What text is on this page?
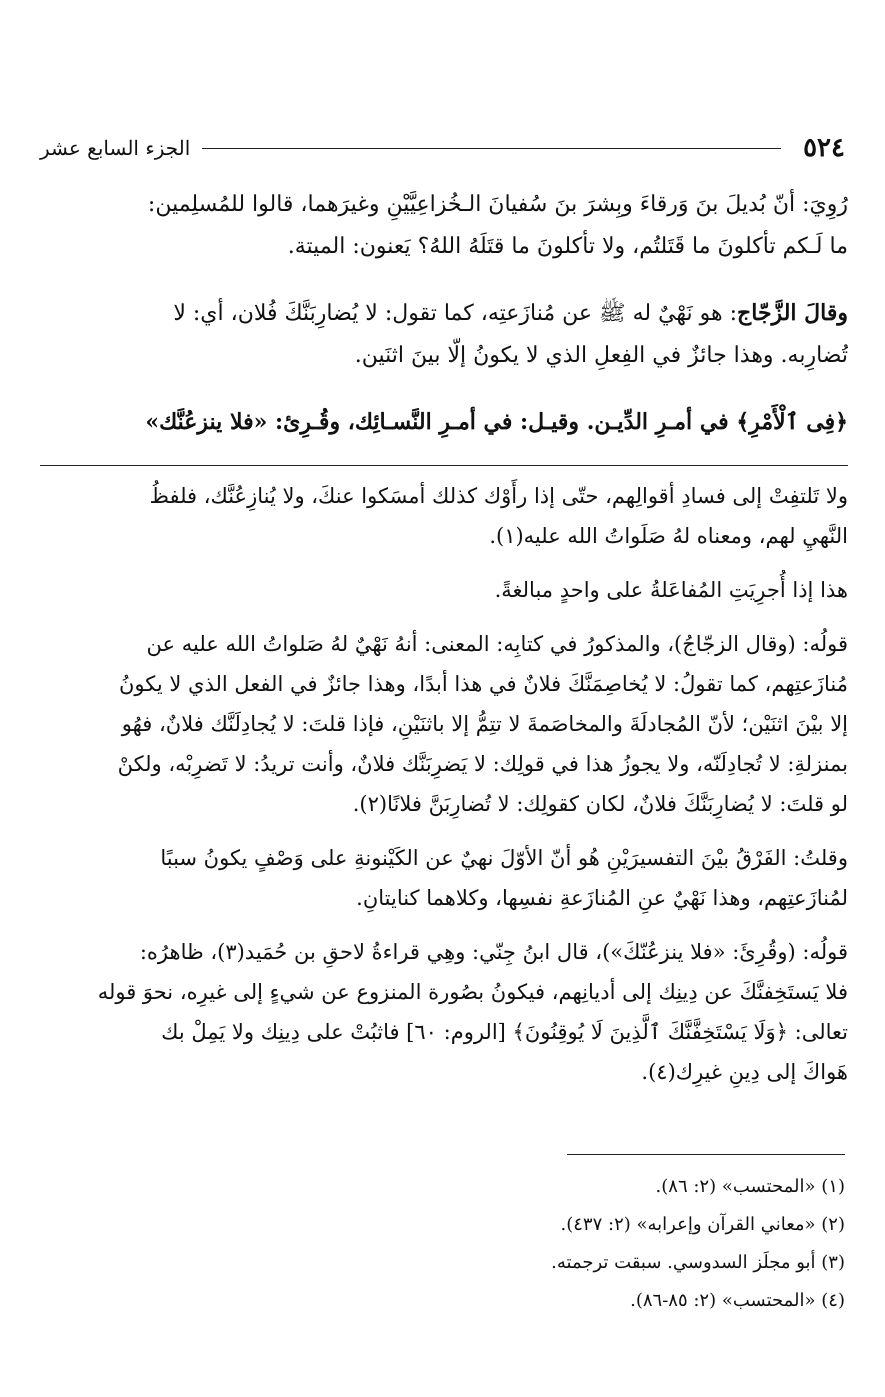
٥٢٤
الجزء السابع عشر
رُوِيَ: أنّ بُديلَ بنَ وَرقاءَ وبِشرَ بنَ سُفيانَ الـخُزاعِيَّيْنِ وغيرَهما، قالوا للمُسلِمين:
ما لَـكم تأكلونَ ما قَتَلتُم، ولا تأكلونَ ما قتَلَهُ اللهُ؟ يَعنون: الميتة.
وقالَ الزَّجّاج: هو نَهْيٌ له ﷺ عن مُنازَعتِه، كما تقول: لا يُضارِبَنَّكَ فُلان، أي: لا
تُضارِبه. وهذا جائزٌ في الفِعلِ الذي لا يكونُ إلّا بينَ اثنَين.
﴿فِى ٱلْأَمْرِ﴾ في أمـرِ الدِّيـن. وقيـل: في أمـرِ النَّسـائِك، وقُـرِئ: «فلا ينزعُنَّك»
ولا تَلتفِتْ إلى فسادِ أقوالِهم، حتّى إذا رأَوْك كذلك أمسَكوا عنكَ، ولا يُنازِعُنَّك، فلفظُ
النَّهيِ لهم، ومعناه لهُ صَلَواتُ الله عليه(١).
هذا إذا أُجرِيَتِ المُفاعَلةُ على واحدٍ مبالغةً.
قولُه: (وقال الزجّاجُ)، والمذكورُ في كتابِه: المعنى: أنهُ نَهْيٌ لهُ صَلواتُ الله عليه عن
مُنازَعتِهم، كما تقولُ: لا يُخاصِمَنَّكَ فلانٌ في هذا أبدًا، وهذا جائزٌ في الفعل الذي لا يكونُ
إلا بيْنَ اثنَيْن؛ لأنّ المُجادلَةَ والمخاصَمةَ لا تتِمُّ إلا باثنَيْنِ، فإذا قلتَ: لا يُجادِلَنَّك فلانٌ، فهُو
بمنزلةِ: لا تُجادِلَنّه، ولا يجوزُ هذا في قولِك: لا يَضرِبَنَّك فلانٌ، وأنت تريدُ: لا تَضرِبْه، ولكنْ
لو قلتَ: لا يُضارِبَنَّكَ فلانٌ، لكان كقولِك: لا تُضارِبَنَّ فلانًا(٢).
وقلتُ: الفَرْقُ بيْنَ التفسيرَيْنِ هُو أنّ الأوّلَ نهيٌ عن الكَيْنونةِ على وَصْفٍ يكونُ سببًا
لمُنازَعتِهم، وهذا نَهْيٌ عنِ المُنازَعةِ نفسِها، وكلاهما كنايتانِ.
قولُه: (وقُرِئَ: «فلا ينزعُنّكَ»)، قال ابنُ جِنّي: وهِي قراءةُ لاحقِ بن حُمَيد(٣)، ظاهرُه:
فلا يَستَخِفنَّكَ عن دِينِك إلى أديانِهم، فيكونُ بصُورة المنزوع عن شيءٍ إلى غيرِه، نحوَ قوله
تعالى: ﴿وَلَا يَسْتَخِفَّنَّكَ ٱلَّذِينَ لَا يُوقِنُونَ﴾ [الروم: ٦٠] فاثبُتْ على دِينِك ولا يَمِلْ بك
هَواكَ إلى دِينِ غيرِك(٤).
(١) «المحتسب» (٢: ٨٦).
(٢) «معاني القرآن وإعرابه» (٢: ٤٣٧).
(٣) أبو مجلَز السدوسي. سبقت ترجمته.
(٤) «المحتسب» (٢: ٨٥-٨٦).
